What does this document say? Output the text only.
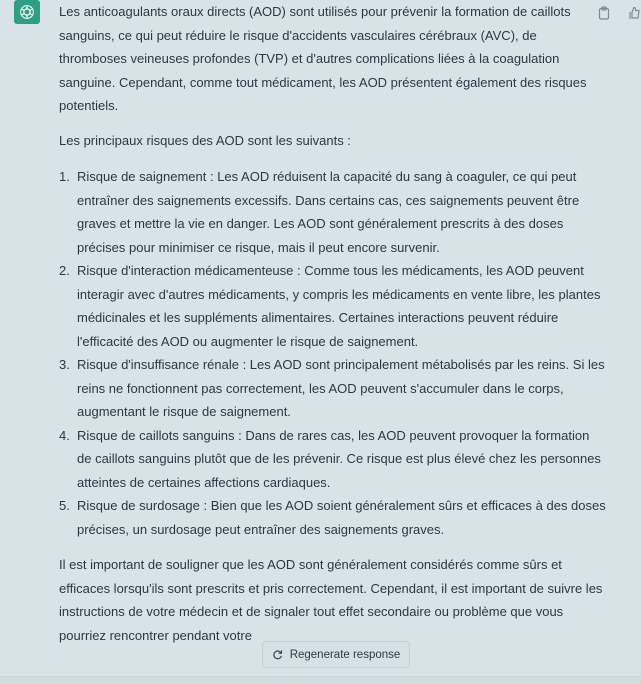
Les anticoagulants oraux directs (AOD) sont utilisés pour prévenir la formation de caillots sanguins, ce qui peut réduire le risque d'accidents vasculaires cérébraux (AVC), de thromboses veineuses profondes (TVP) et d'autres complications liées à la coagulation sanguine. Cependant, comme tout médicament, les AOD présentent également des risques potentiels.

Les principaux risques des AOD sont les suivants :

1. Risque de saignement : Les AOD réduisent la capacité du sang à coaguler, ce qui peut entraîner des saignements excessifs. Dans certains cas, ces saignements peuvent être graves et mettre la vie en danger. Les AOD sont généralement prescrits à des doses précises pour minimiser ce risque, mais il peut encore survenir.
2. Risque d'interaction médicamenteuse : Comme tous les médicaments, les AOD peuvent interagir avec d'autres médicaments, y compris les médicaments en vente libre, les plantes médicinales et les suppléments alimentaires. Certaines interactions peuvent réduire l'efficacité des AOD ou augmenter le risque de saignement.
3. Risque d'insuffisance rénale : Les AOD sont principalement métabolisés par les reins. Si les reins ne fonctionnent pas correctement, les AOD peuvent s'accumuler dans le corps, augmentant le risque de saignement.
4. Risque de caillots sanguins : Dans de rares cas, les AOD peuvent provoquer la formation de caillots sanguins plutôt que de les prévenir. Ce risque est plus élevé chez les personnes atteintes de certaines affections cardiaques.
5. Risque de surdosage : Bien que les AOD soient généralement sûrs et efficaces à des doses précises, un surdosage peut entraîner des saignements graves.

Il est important de souligner que les AOD sont généralement considérés comme sûrs et efficaces lorsqu'ils sont prescrits et pris correctement. Cependant, il est important de suivre les instructions de votre médecin et de signaler tout effet secondaire ou problème que vous pourriez rencontrer pendant votre

Regenerate response
